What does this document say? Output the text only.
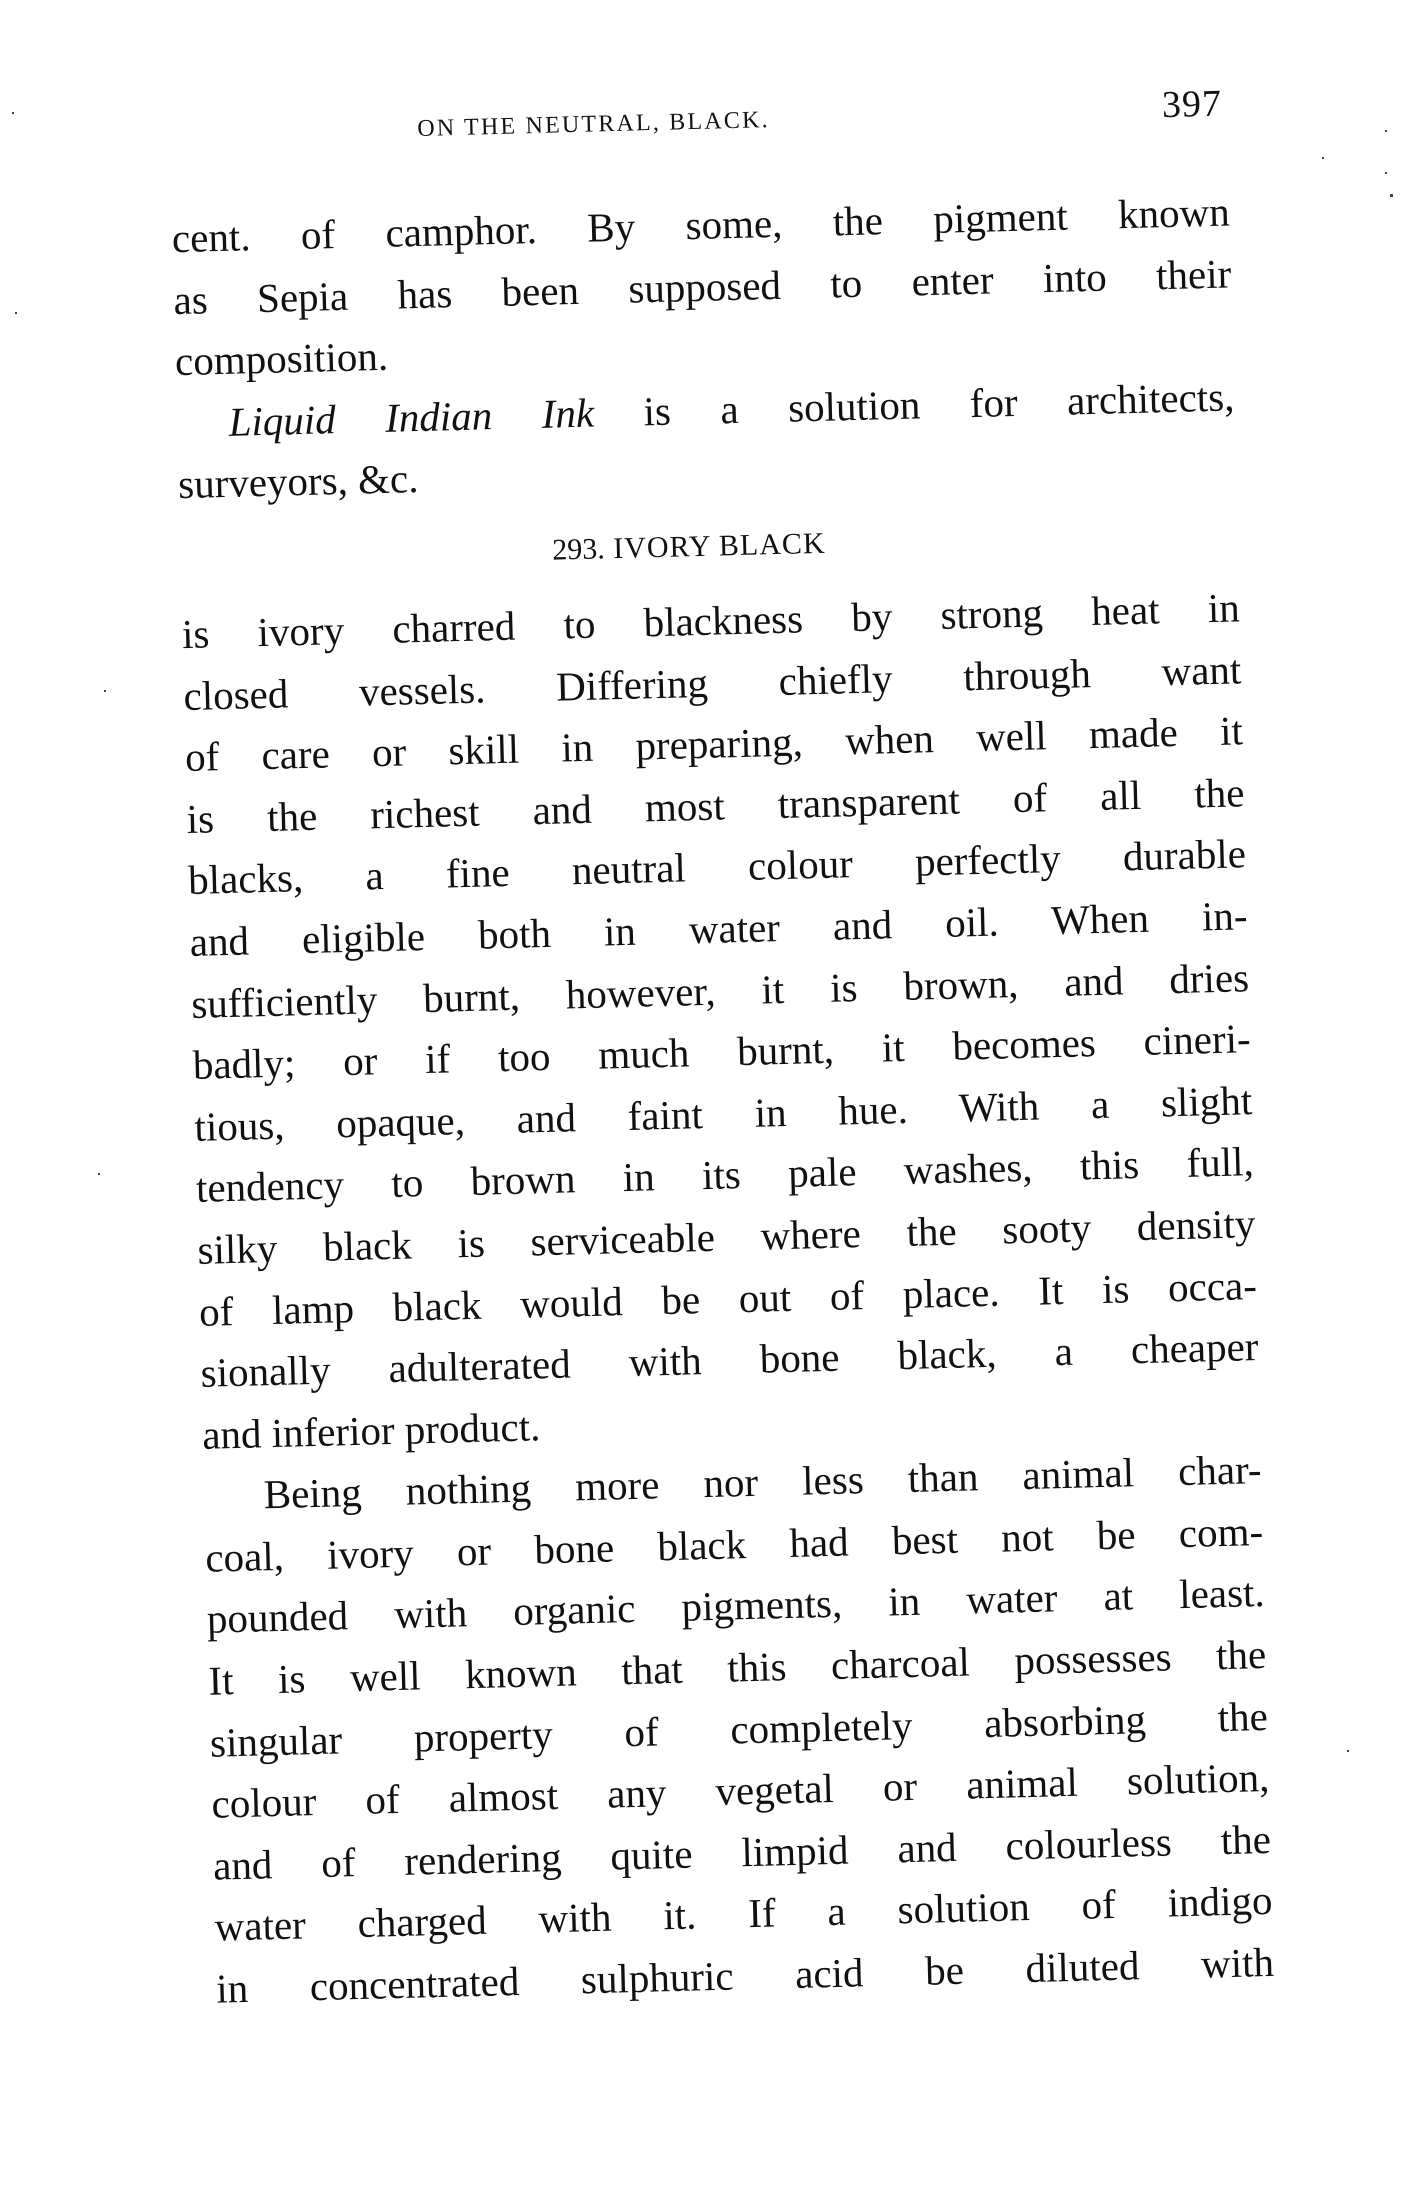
ON THE NEUTRAL, BLACK.	397
cent. of camphor. By some, the pigment known
as Sepia has been supposed to enter into their
composition.
Liquid Indian Ink is a solution for architects,
surveyors, &c.
293. IVORY BLACK
is ivory charred to blackness by strong heat in
closed vessels. Differing chiefly through want
of care or skill in preparing, when well made it
is the richest and most transparent of all the
blacks, a fine neutral colour perfectly durable
and eligible both in water and oil. When in-
sufficiently burnt, however, it is brown, and dries
badly; or if too much burnt, it becomes cineri-
tious, opaque, and faint in hue. With a slight
tendency to brown in its pale washes, this full,
silky black is serviceable where the sooty density
of lamp black would be out of place. It is occa-
sionally adulterated with bone black, a cheaper
and inferior product.
Being nothing more nor less than animal char-
coal, ivory or bone black had best not be com-
pounded with organic pigments, in water at least.
It is well known that this charcoal possesses the
singular property of completely absorbing the
colour of almost any vegetal or animal solution,
and of rendering quite limpid and colourless the
water charged with it. If a solution of indigo
in concentrated sulphuric acid be diluted with
